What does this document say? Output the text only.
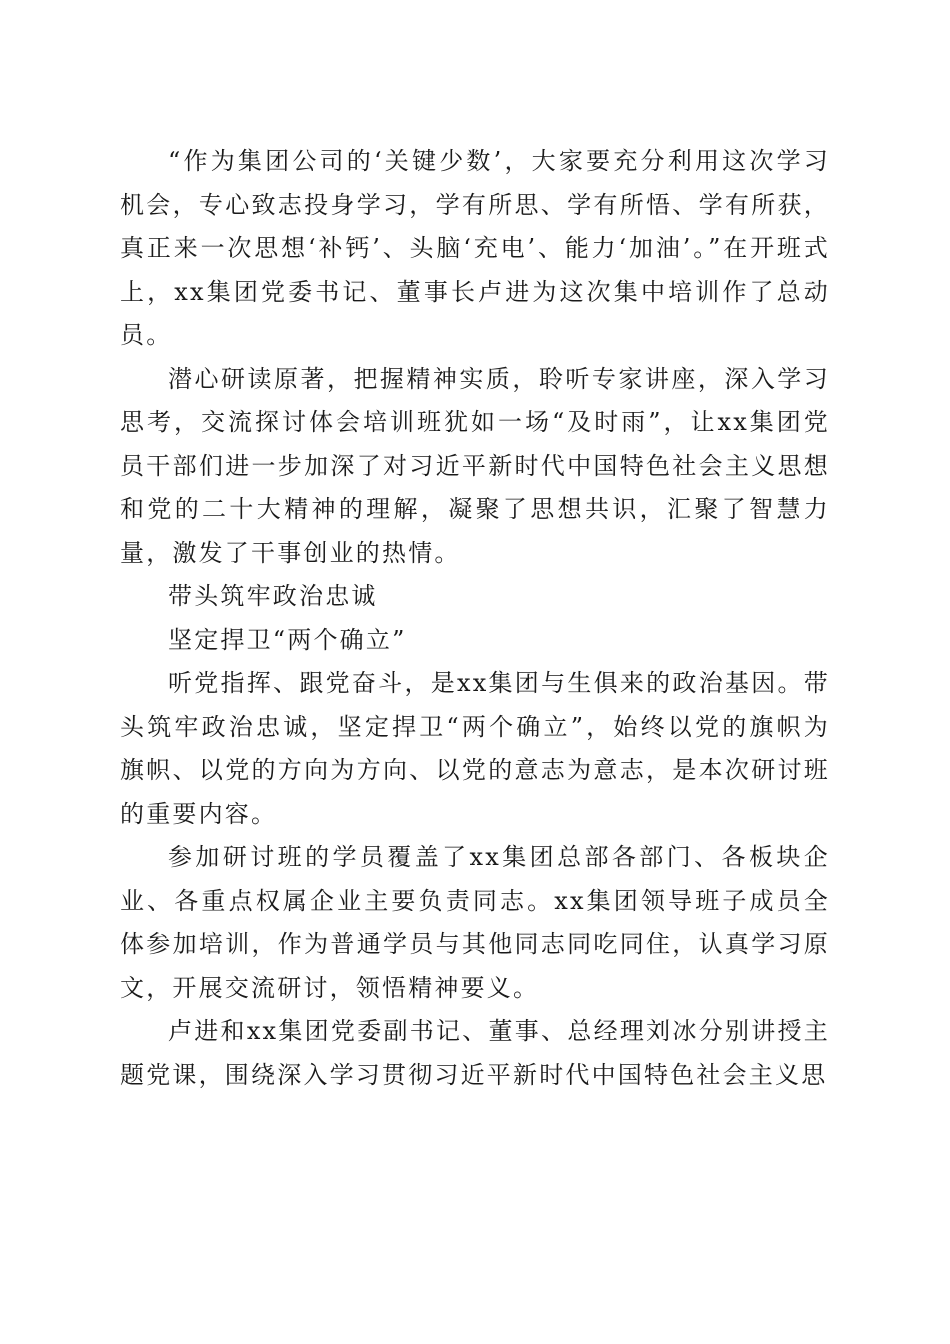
“作为集团公司的‘关键少数’，大家要充分利用这次学习机会，专心致志投身学习，学有所思、学有所悟、学有所获，真正来一次思想‘补钙’、头脑‘充电’、能力‘加油’。”在开班式上，xx集团党委书记、董事长卢进为这次集中培训作了总动员。

潜心研读原著，把握精神实质，聆听专家讲座，深入学习思考，交流探讨体会培训班犹如一场“及时雨”，让xx集团党员干部们进一步加深了对习近平新时代中国特色社会主义思想和党的二十大精神的理解，凝聚了思想共识，汇聚了智慧力量，激发了干事创业的热情。

带头筑牢政治忠诚

坚定捍卫“两个确立”

听党指挥、跟党奋斗，是xx集团与生俱来的政治基因。带头筑牢政治忠诚，坚定捍卫“两个确立”，始终以党的旗帜为旗帜、以党的方向为方向、以党的意志为意志，是本次研讨班的重要内容。

参加研讨班的学员覆盖了xx集团总部各部门、各板块企业、各重点权属企业主要负责同志。xx集团领导班子成员全体参加培训，作为普通学员与其他同志同吃同住，认真学习原文，开展交流研讨，领悟精神要义。

卢进和xx集团党委副书记、董事、总经理刘冰分别讲授主题党课，围绕深入学习贯彻习近平新时代中国特色社会主义思
